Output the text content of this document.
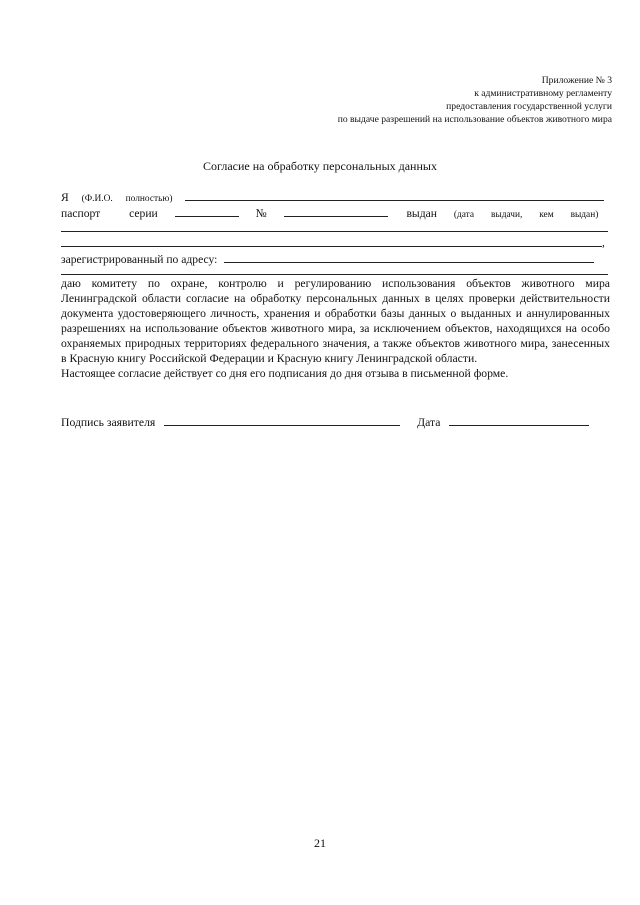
Приложение № 3
к административному регламенту
предоставления государственной услуги
по выдаче разрешений на использование объектов животного мира
Согласие на обработку персональных данных
Я (Ф.И.О. полностью)
паспорт серии	№	выдан (дата выдачи, кем выдан)
,
зарегистрированный по адресу:

даю комитету по охране, контролю и регулированию использования объектов животного мира Ленинградской области согласие на обработку персональных данных в целях проверки действительности документа удостоверяющего личность, хранения и обработки базы данных о выданных и аннулированных разрешениях на использование объектов животного мира, за исключением объектов, находящихся на особо охраняемых природных территориях федерального значения, а также объектов животного мира, занесенных в Красную книгу Российской Федерации и Красную книгу Ленинградской области.

Настоящее согласие действует со дня его подписания до дня отзыва в письменной форме.

Подпись заявителя	Дата
21
